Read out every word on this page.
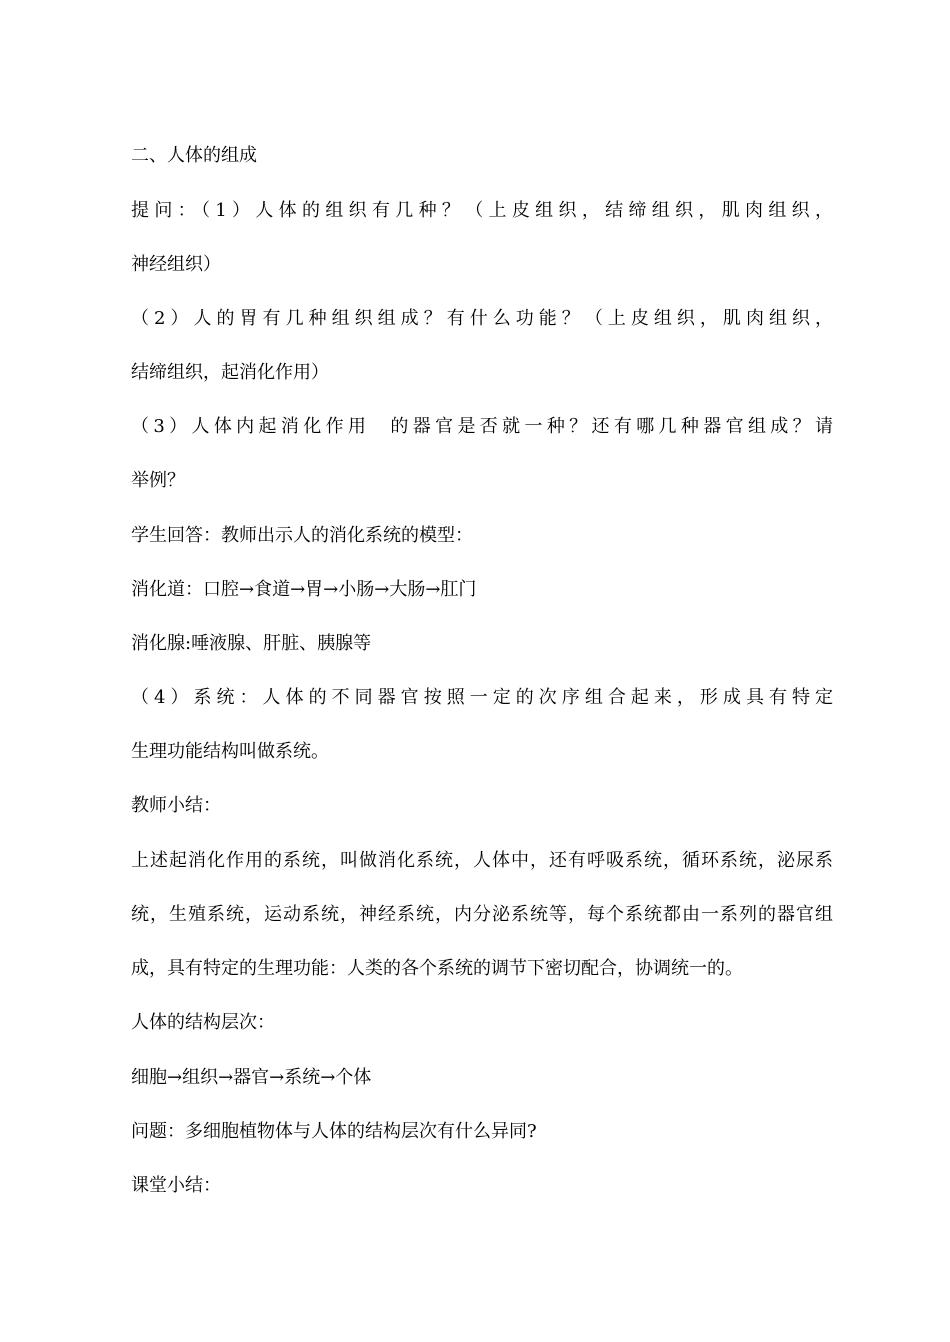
二、人体的组成
提问：（1）人体的组织有几种？（上皮组织，结缔组织，肌肉组织，
神经组织）
（2）人的胃有几种组织组成？有什么功能？（上皮组织，肌肉组织，
结缔组织，起消化作用）
（3）人体内起消化作用  的器官是否就一种？还有哪几种器官组成？请
举例？
学生回答：教师出示人的消化系统的模型：
消化道：口腔→食道→胃→小肠→大肠→肛门
消化腺:唾液腺、肝脏、胰腺等
（4）系统：人体的不同器官按照一定的次序组合起来，形成具有特定
生理功能结构叫做系统。
教师小结：
上述起消化作用的系统，叫做消化系统，人体中，还有呼吸系统，循环系统，泌尿系
统，生殖系统，运动系统，神经系统，内分泌系统等，每个系统都由一系列的器官组
成，具有特定的生理功能：人类的各个系统的调节下密切配合，协调统一的。
人体的结构层次：
细胞→组织→器官→系统→个体
问题：多细胞植物体与人体的结构层次有什么异同?
课堂小结：
